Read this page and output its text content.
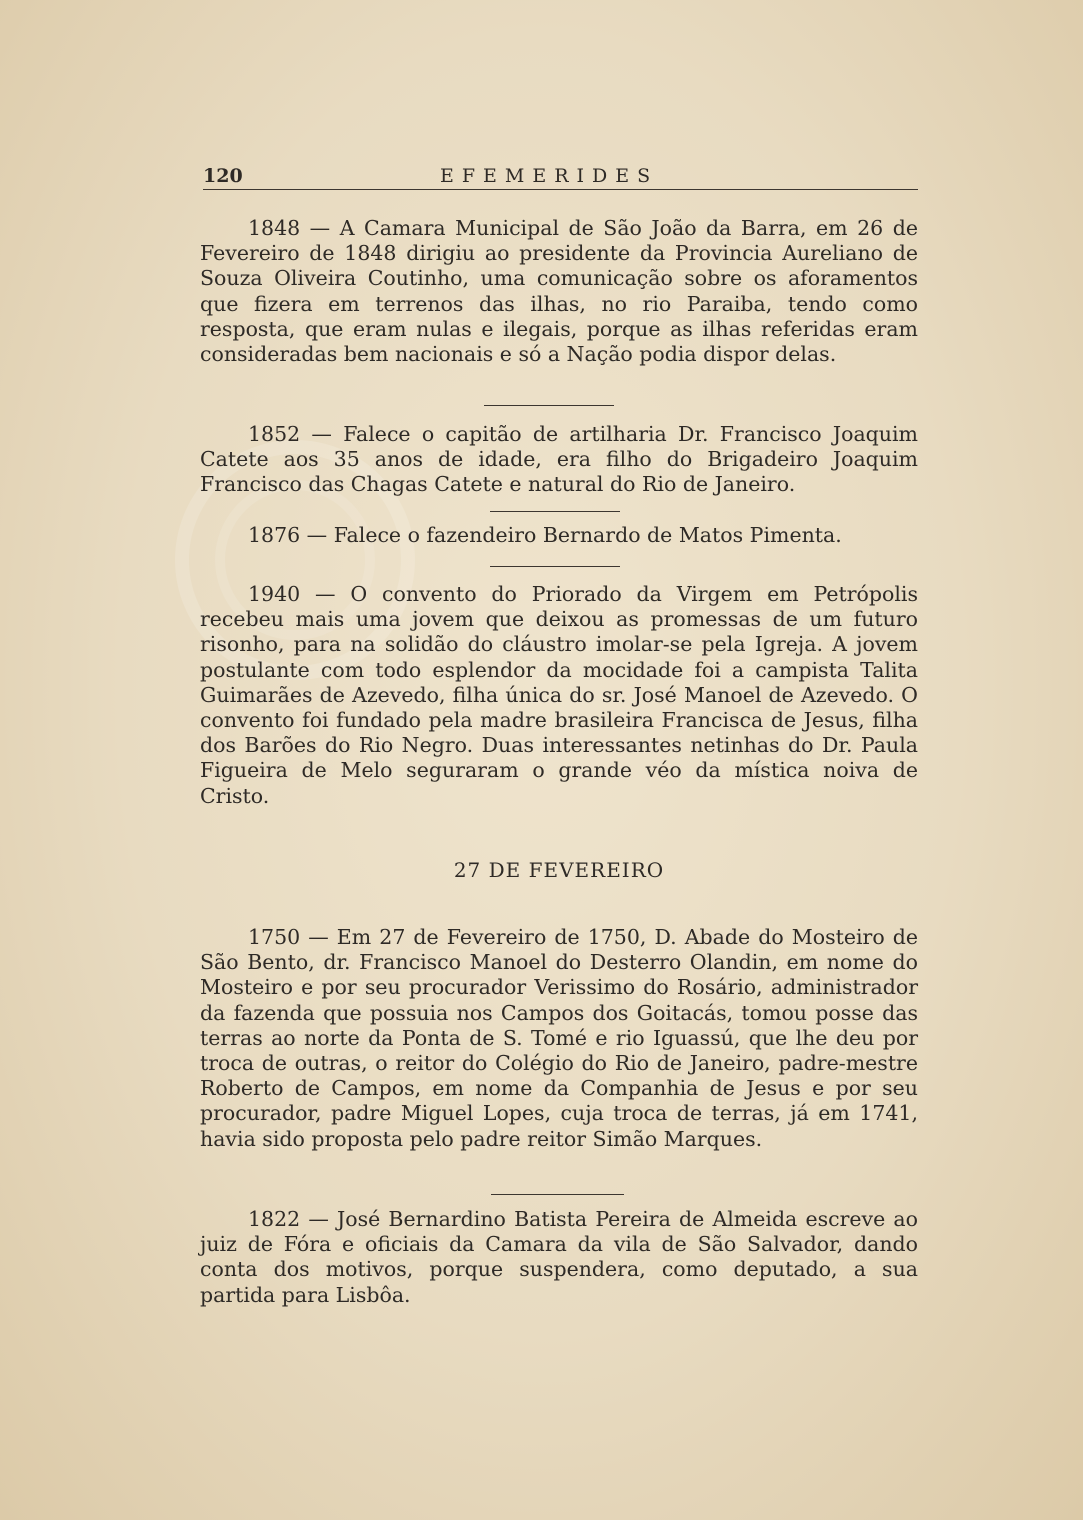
120	EFEMERIDES

1848 — A Camara Municipal de São João da Barra, em 26 de Fevereiro de 1848 dirigiu ao presidente da Provincia Aureliano de Souza Oliveira Coutinho, uma comunicação sobre os aforamentos que fizera em terrenos das ilhas, no rio Paraiba, tendo como resposta, que eram nulas e ilegais, porque as ilhas referidas eram consideradas bem nacionais e só a Nação podia dispor delas.

1852 — Falece o capitão de artilharia Dr. Francisco Joaquim Catete aos 35 anos de idade, era filho do Brigadeiro Joaquim Francisco das Chagas Catete e natural do Rio de Janeiro.

1876 — Falece o fazendeiro Bernardo de Matos Pimenta.

1940 — O convento do Priorado da Virgem em Petrópolis recebeu mais uma jovem que deixou as promessas de um futuro risonho, para na solidão do cláustro imolar-se pela Igreja. A jovem postulante com todo esplendor da mocidade foi a campista Talita Guimarães de Azevedo, filha única do sr. José Manoel de Azevedo. O convento foi fundado pela madre brasileira Francisca de Jesus, filha dos Barões do Rio Negro. Duas interessantes netinhas do Dr. Paula Figueira de Melo seguraram o grande véo da mística noiva de Cristo.

27 DE FEVEREIRO

1750 — Em 27 de Fevereiro de 1750, D. Abade do Mosteiro de São Bento, dr. Francisco Manoel do Desterro Olandin, em nome do Mosteiro e por seu procurador Verissimo do Rosário, administrador da fazenda que possuia nos Campos dos Goitacás, tomou posse das terras ao norte da Ponta de S. Tomé e rio Iguassú, que lhe deu por troca de outras, o reitor do Colégio do Rio de Janeiro, padre-mestre Roberto de Campos, em nome da Companhia de Jesus e por seu procurador, padre Miguel Lopes, cuja troca de terras, já em 1741, havia sido proposta pelo padre reitor Simão Marques.

1822 — José Bernardino Batista Pereira de Almeida escreve ao juiz de Fóra e oficiais da Camara da vila de São Salvador, dando conta dos motivos, porque suspendera, como deputado, a sua partida para Lisbôa.
